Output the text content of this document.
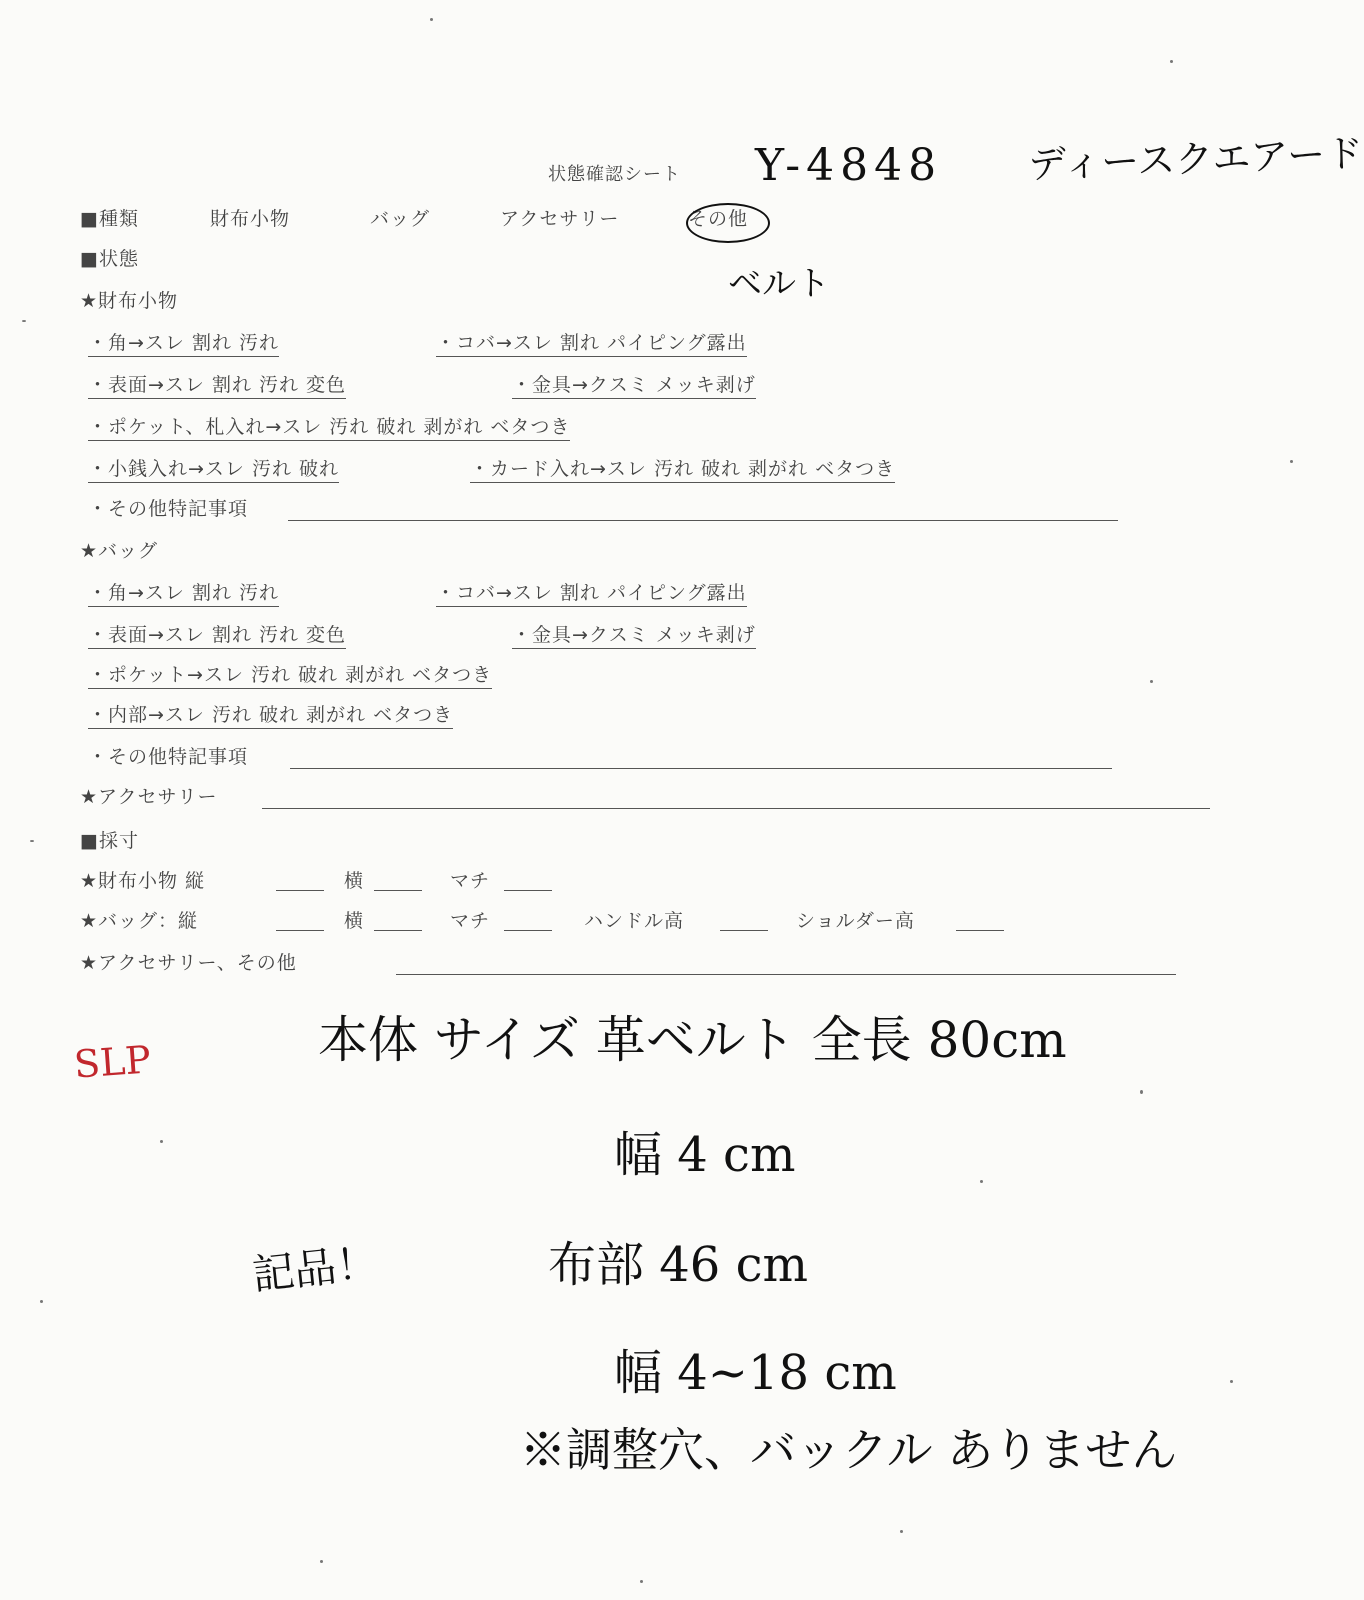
状態確認シート Y-4848 ディースクエアード
■種類	財布小物	バッグ	アクセサリー	その他
ベルト
■状態
★財布小物
・角→スレ 割れ 汚れ	・コバ→スレ 割れ パイピング露出
・表面→スレ 割れ 汚れ 変色	・金具→クスミ メッキ剥げ
・ポケット、札入れ→スレ 汚れ 破れ 剥がれ ベタつき
・小銭入れ→スレ 汚れ 破れ	・カード入れ→スレ 汚れ 破れ 剥がれ ベタつき
・その他特記事項
★バッグ
・角→スレ 割れ 汚れ	・コバ→スレ 割れ パイピング露出
・表面→スレ 割れ 汚れ 変色	・金具→クスミ メッキ剥げ
・ポケット→スレ 汚れ 破れ 剥がれ ベタつき
・内部→スレ 汚れ 破れ 剥がれ ベタつき
・その他特記事項
★アクセサリー
■採寸
★財布小物 縦	横	マチ
★バッグ：縦	横	マチ	ハンドル高	ショルダー高
★アクセサリー、その他
SLP	本体 サイズ 革ベルト 全長 80cm
幅 4 cm
布部 46 cm
幅 4~18 cm
※調整穴、バックル ありません
記品！
